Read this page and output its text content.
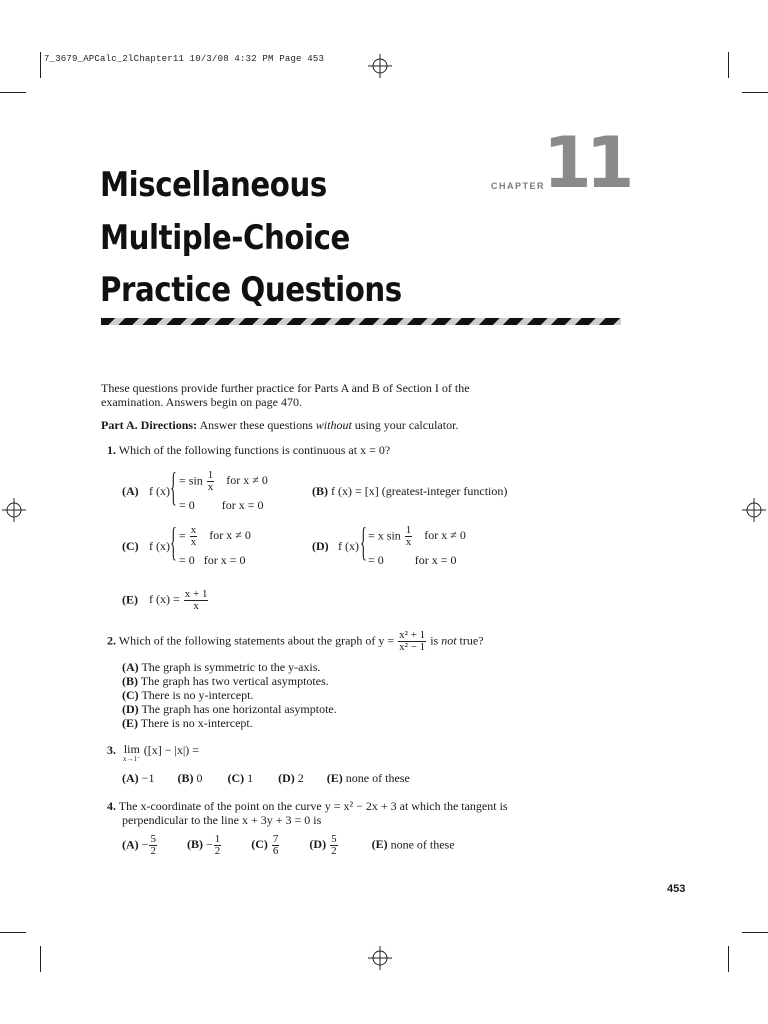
7_3679_APCalc_2lChapter11 10/3/08 4:32 PM Page 453
Miscellaneous
Multiple-Choice
Practice Questions
CHAPTER
11
These questions provide further practice for Parts A and B of Section I of the
examination. Answers begin on page 470.
Part A. Directions: Answer these questions without using your calculator.
1. Which of the following functions is continuous at x = 0?
(A) f (x) { = $\sin \frac{1}{x}$ for x ≠ 0
= 0 for x = 0
(B) f (x) = [x] (greatest-integer function)
(C) f (x) { = $\frac{x}{x}$ for x ≠ 0
= 0 for x = 0
(D) f (x) { = x $\sin \frac{1}{x}$ for x ≠ 0
= 0	for x = 0
(E) f $(x) = \frac{x + 1}{x}$
2. Which of the following statements about the graph of $y = \frac{\text{x² + 1}}{\text{x² − 1}}$ is not true?
(A) The graph is symmetric to the y-axis.
(B) The graph has two vertical asymptotes.
(C) There is no y-intercept.
(D) The graph has one horizontal asymptote.
(E) There is no x-intercept.
3. lim
x→1⁻
([x] − |x|) =
(A) −1 (B) 0 (C) 1 (D) 2 (E) none of these
4. The x-coordinate of the point on the curve y = x² − 2x + 3 at which the tangent is
perpendicular to the line x + 3y + 3 = 0 is
$(A) - \frac{5}{2}$	$(B) - \frac{1}{2}$	$(C) \frac{7}{6}$	$(D) \frac{5}{2}$	(E) none of these
453
